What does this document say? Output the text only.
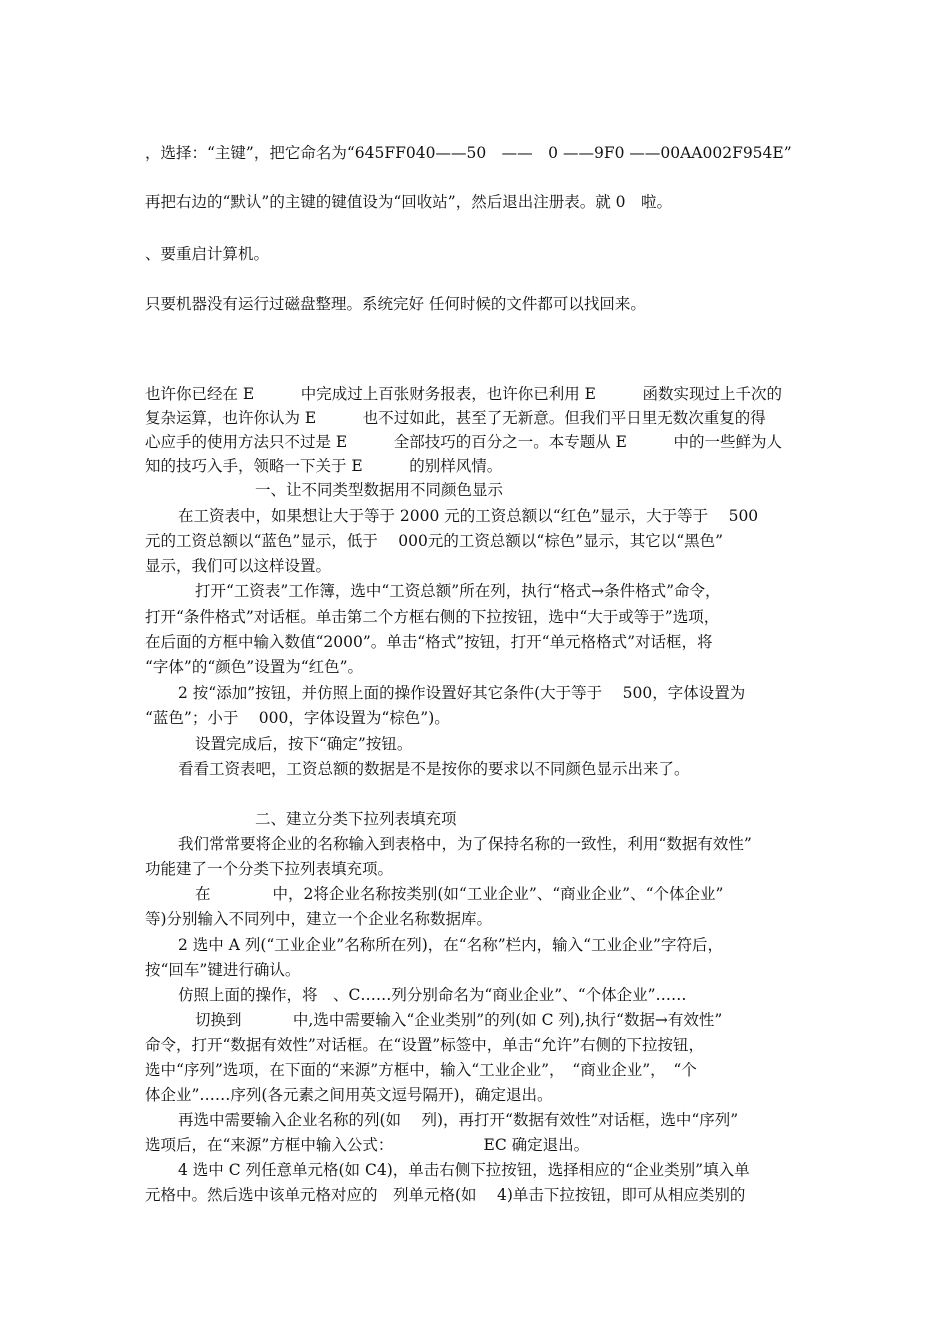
，选择：“主键”，把它命名为“645FF040——50　——　0 ——9F0 ——00AA002F954E”
再把右边的“默认”的主键的键值设为“回收站”，然后退出注册表。就 0　啦。
、要重启计算机。
只要机器没有运行过磁盘整理。系统完好 任何时候的文件都可以找回来。
也许你已经在 E　　　中完成过上百张财务报表，也许你已利用 E　　　函数实现过上千次的
复杂运算，也许你认为 E　　　也不过如此，甚至了无新意。但我们平日里无数次重复的得
心应手的使用方法只不过是 E　　　全部技巧的百分之一。本专题从 E　　　中的一些鲜为人
知的技巧入手，领略一下关于 E　　　的别样风情。
一、让不同类型数据用不同颜色显示
在工资表中，如果想让大于等于 2000 元的工资总额以“红色”显示，大于等于　 500
元的工资总额以“蓝色”显示，低于　 000元的工资总额以“棕色”显示，其它以“黑色”
显示，我们可以这样设置。
打开“工资表”工作簿，选中“工资总额”所在列，执行“格式→条件格式”命令，
打开“条件格式”对话框。单击第二个方框右侧的下拉按钮，选中“大于或等于”选项，
在后面的方框中输入数值“2000”。单击“格式”按钮，打开“单元格格式”对话框，将
“字体”的“颜色”设置为“红色”。
2 按“添加”按钮，并仿照上面的操作设置好其它条件(大于等于　 500，字体设置为
“蓝色”；小于　 000，字体设置为“棕色”)。
设置完成后，按下“确定”按钮。
看看工资表吧，工资总额的数据是不是按你的要求以不同颜色显示出来了。
二、建立分类下拉列表填充项
我们常常要将企业的名称输入到表格中，为了保持名称的一致性，利用“数据有效性”
功能建了一个分类下拉列表填充项。
在　　　　中，2将企业名称按类别(如“工业企业”、“商业企业”、“个体企业”
等)分别输入不同列中，建立一个企业名称数据库。
2 选中 A 列(“工业企业”名称所在列)，在“名称”栏内，输入“工业企业”字符后，
按“回车”键进行确认。
仿照上面的操作，将　、C……列分别命名为“商业企业”、“个体企业”……
切换到　　　 中,选中需要输入“企业类别”的列(如 C 列),执行“数据→有效性”
命令，打开“数据有效性”对话框。在“设置”标签中，单击“允许”右侧的下拉按钮，
选中“序列”选项，在下面的“来源”方框中，输入“工业企业”，　“商业企业”，　“个
体企业”……序列(各元素之间用英文逗号隔开)，确定退出。
再选中需要输入企业名称的列(如　 列)，再打开“数据有效性”对话框，选中“序列”
选项后，在“来源”方框中输入公式：　　　　　　 EC 确定退出。
4 选中 C 列任意单元格(如 C4)，单击右侧下拉按钮，选择相应的“企业类别”填入单
元格中。然后选中该单元格对应的　列单元格(如　 4)单击下拉按钮，即可从相应类别的
